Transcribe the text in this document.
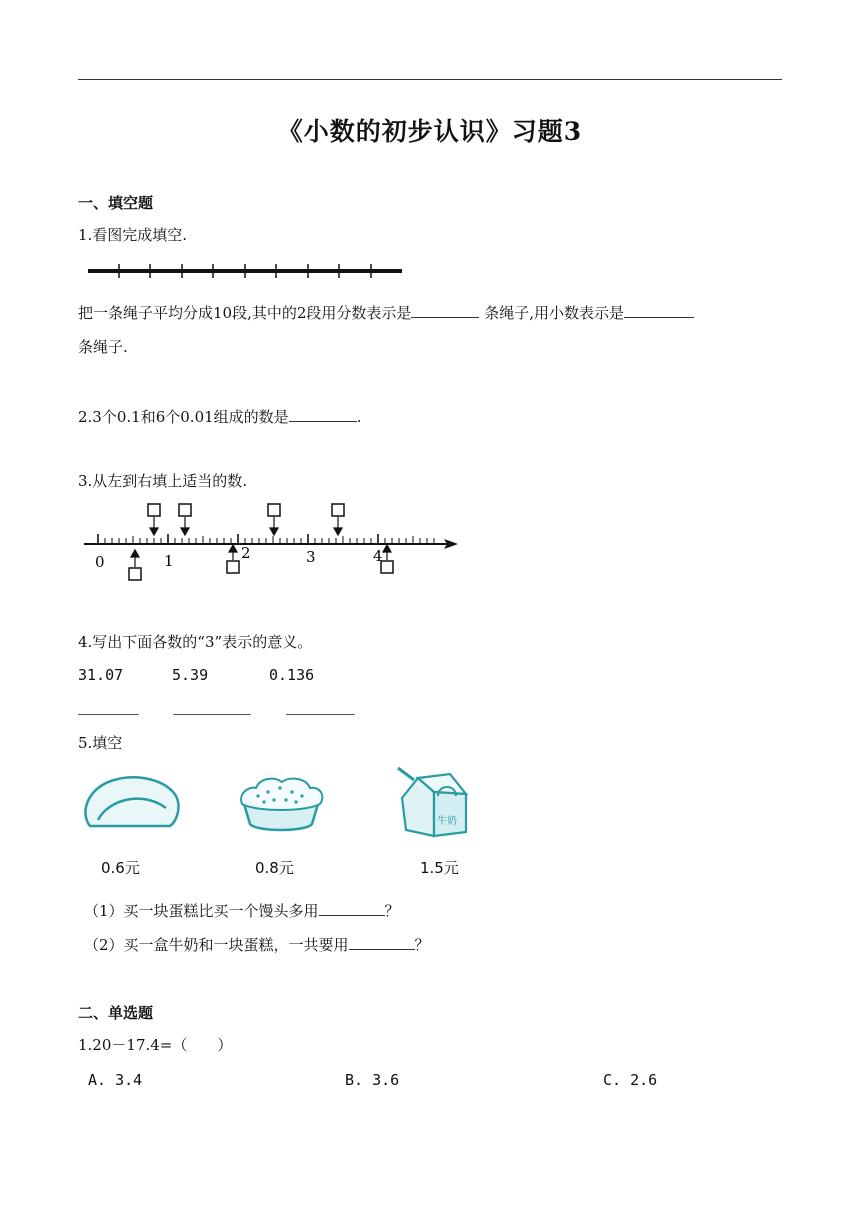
《小数的初步认识》习题3
一、填空题
1.看图完成填空.
把一条绳子平均分成10段,其中的2段用分数表示是	条绳子,用小数表示是
条绳子.
2.3个0.1和6个0.01组成的数是	.
3.从左到右填上适当的数.
0	1	2	3	4
4.写出下面各数的“3”表示的意义。
31.07	5.39	0.136
5.填空
牛奶
0.6元	0.8元	1.5元
（1）买一块蛋糕比买一个馒头多用	？
（2）买一盒牛奶和一块蛋糕，一共要用	？
二、单选题
1.20－17.4=（　　）
A. 3.4	B. 3.6	C. 2.6
